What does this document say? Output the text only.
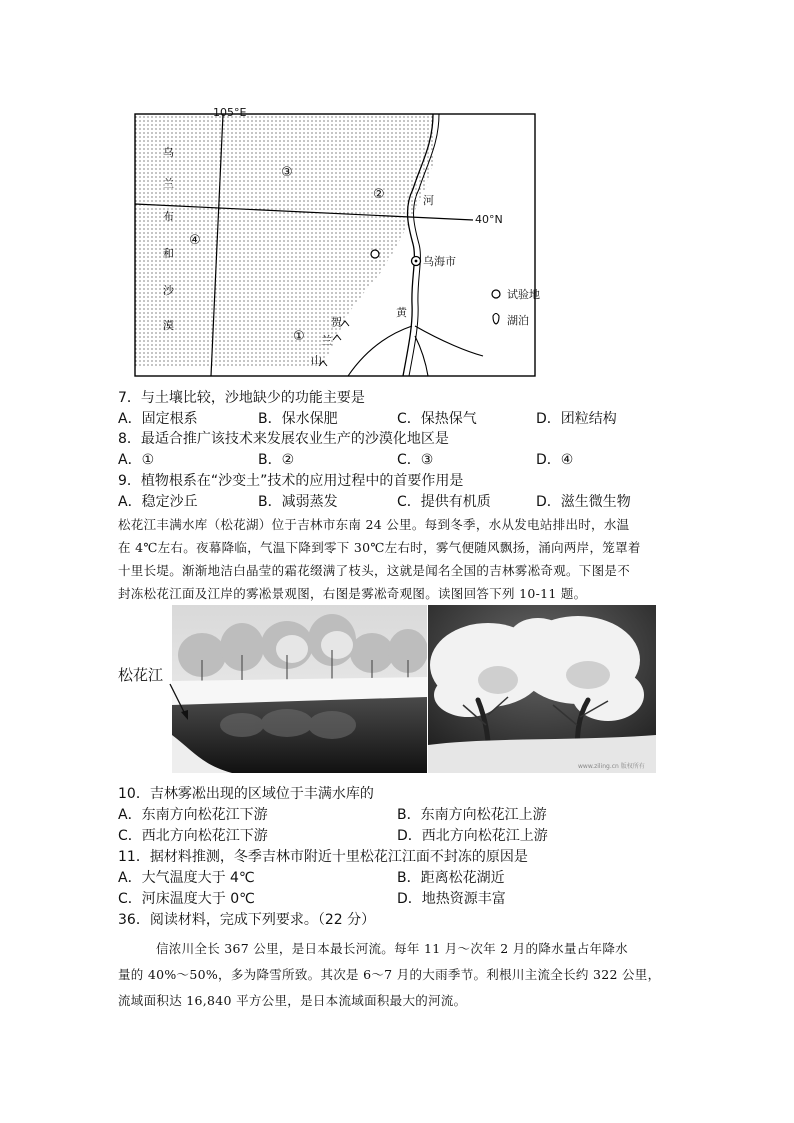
105°E
40°N
乌
兰
布
和
沙
漠
③
②
④
①
河
黄
贺
兰
山
乌海市
试验地
湖泊
7．与土壤比较，沙地缺少的功能主要是
A．固定根系	B．保水保肥	C．保热保气	D．团粒结构
8．最适合推广该技术来发展农业生产的沙漠化地区是
A．①	B．②	C．③	D．④
9．植物根系在“沙变土”技术的应用过程中的首要作用是
A．稳定沙丘	B．减弱蒸发	C．提供有机质	D．滋生微生物
松花江丰满水库（松花湖）位于吉林市东南 24 公里。每到冬季，水从发电站排出时，水温
在 4℃左右。夜幕降临，气温下降到零下 30℃左右时，雾气便随风飘扬，涌向两岸，笼罩着
十里长堤。渐渐地洁白晶莹的霜花缀满了枝头，这就是闻名全国的吉林雾凇奇观。下图是不
封冻松花江面及江岸的雾凇景观图，右图是雾凇奇观图。读图回答下列 10-11 题。
松花江
www.ziling.cn 版权所有
10．吉林雾凇出现的区域位于丰满水库的
A．东南方向松花江下游	B．东南方向松花江上游
C．西北方向松花江下游	D．西北方向松花江上游
11．据材料推测，冬季吉林市附近十里松花江江面不封冻的原因是
A．大气温度大于 4℃	B．距离松花湖近
C．河床温度大于 0℃	D．地热资源丰富
36．阅读材料，完成下列要求。（22 分）
信浓川全长 367 公里，是日本最长河流。每年 11 月～次年 2 月的降水量占年降水
量的 40%～50%，多为降雪所致。其次是 6～7 月的大雨季节。利根川主流全长约 322 公里，
流域面积达 16,840 平方公里，是日本流域面积最大的河流。
